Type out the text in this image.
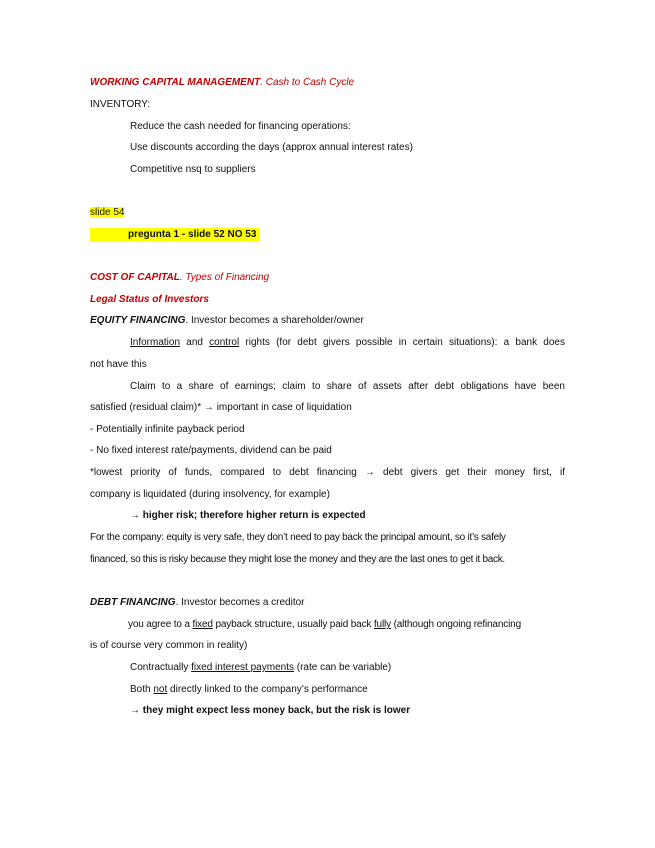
WORKING CAPITAL MANAGEMENT. Cash to Cash Cycle
INVENTORY:
Reduce the cash needed for financing operations:
Use discounts according the days (approx annual interest rates)
Competitive nsq to suppliers
slide 54
pregunta 1 - slide 52 NO 53
COST OF CAPITAL. Types of Financing
Legal Status of Investors
EQUITY FINANCING. Investor becomes a shareholder/owner
Information and control rights (for debt givers possible in certain situations): a bank does
not have this
Claim to a share of earnings; claim to share of assets after debt obligations have been
satisfied (residual claim)* → important in case of liquidation
- Potentially infinite payback period
- No fixed interest rate/payments, dividend can be paid
*lowest priority of funds, compared to debt financing → debt givers get their money first, if
company is liquidated (during insolvency, for example)
→ higher risk; therefore higher return is expected
For the company: equity is very safe, they don’t need to pay back the principal amount, so it’s safely
financed, so this is risky because they might lose the money and they are the last ones to get it back.
DEBT FINANCING. Investor becomes a creditor
you agree to a fixed payback structure, usually paid back fully (although ongoing refinancing
is of course very common in reality)
Contractually fixed interest payments (rate can be variable)
Both not directly linked to the company’s performance
→ they might expect less money back, but the risk is lower
